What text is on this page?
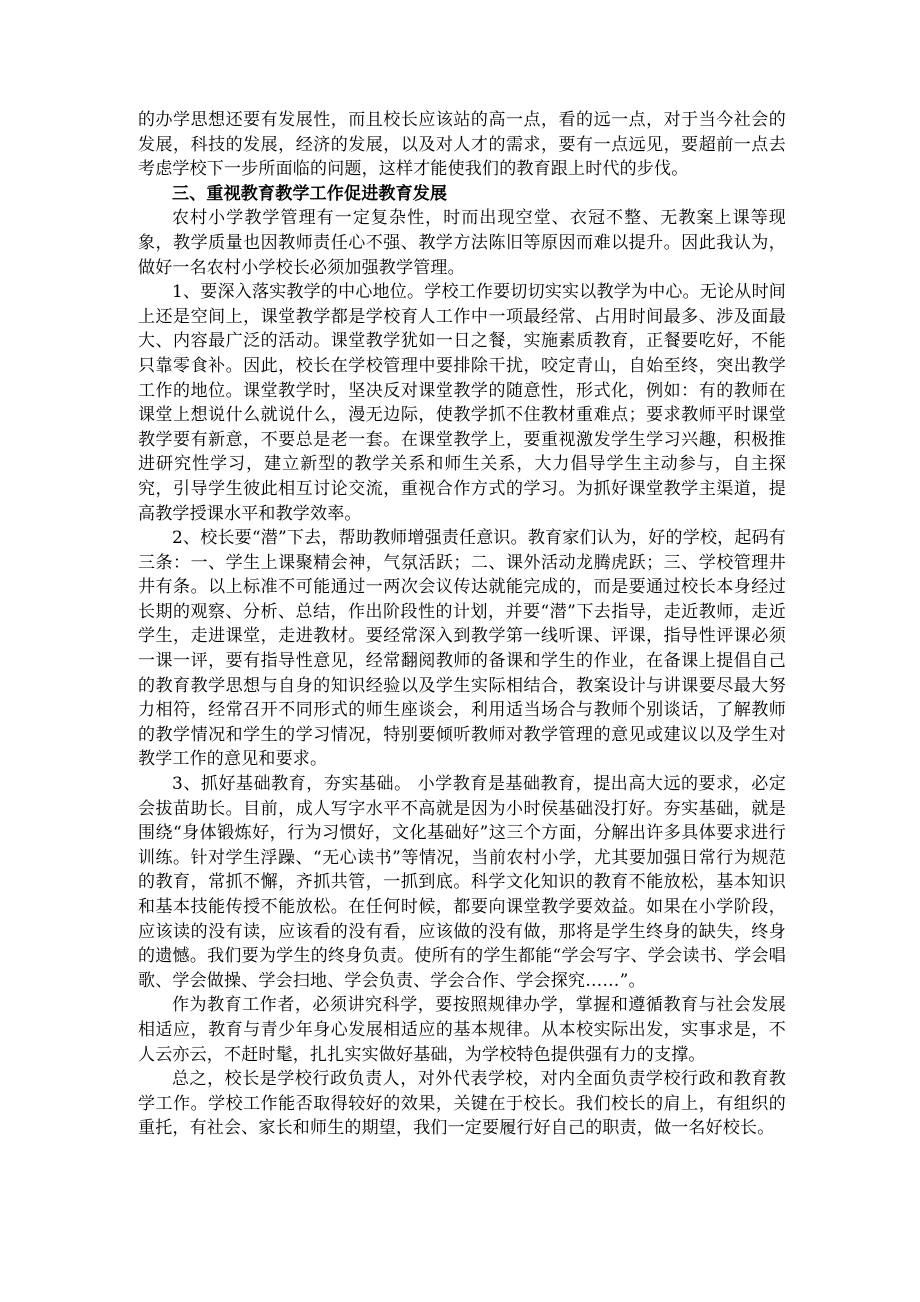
的办学思想还要有发展性，而且校长应该站的高一点，看的远一点，对于当今社会的发展，科技的发展，经济的发展，以及对人才的需求，要有一点远见，要超前一点去考虑学校下一步所面临的问题，这样才能使我们的教育跟上时代的步伐。

三、重视教育教学工作促进教育发展

农村小学教学管理有一定复杂性，时而出现空堂、衣冠不整、无教案上课等现象，教学质量也因教师责任心不强、教学方法陈旧等原因而难以提升。因此我认为，做好一名农村小学校长必须加强教学管理。

1、要深入落实教学的中心地位。学校工作要切切实实以教学为中心。无论从时间上还是空间上，课堂教学都是学校育人工作中一项最经常、占用时间最多、涉及面最大、内容最广泛的活动。课堂教学犹如一日之餐，实施素质教育，正餐要吃好，不能只靠零食补。因此，校长在学校管理中要排除干扰，咬定青山，自始至终，突出教学工作的地位。课堂教学时，坚决反对课堂教学的随意性，形式化，例如：有的教师在课堂上想说什么就说什么，漫无边际，使教学抓不住教材重难点；要求教师平时课堂教学要有新意，不要总是老一套。在课堂教学上，要重视激发学生学习兴趣，积极推进研究性学习，建立新型的教学关系和师生关系，大力倡导学生主动参与，自主探究，引导学生彼此相互讨论交流，重视合作方式的学习。为抓好课堂教学主渠道，提高教学授课水平和教学效率。

2、校长要“潜”下去，帮助教师增强责任意识。教育家们认为，好的学校，起码有三条：一、学生上课聚精会神，气氛活跃；二、课外活动龙腾虎跃；三、学校管理井井有条。以上标准不可能通过一两次会议传达就能完成的，而是要通过校长本身经过长期的观察、分析、总结，作出阶段性的计划，并要“潜”下去指导，走近教师，走近学生，走进课堂，走进教材。要经常深入到教学第一线听课、评课，指导性评课必须一课一评，要有指导性意见，经常翻阅教师的备课和学生的作业，在备课上提倡自己的教育教学思想与自身的知识经验以及学生实际相结合，教案设计与讲课要尽最大努力相符，经常召开不同形式的师生座谈会，利用适当场合与教师个别谈话，了解教师的教学情况和学生的学习情况，特别要倾听教师对教学管理的意见或建议以及学生对教学工作的意见和要求。

3、抓好基础教育，夯实基础。 小学教育是基础教育，提出高大远的要求，必定会拔苗助长。目前，成人写字水平不高就是因为小时侯基础没打好。夯实基础，就是围绕“身体锻炼好，行为习惯好，文化基础好”这三个方面，分解出许多具体要求进行训练。针对学生浮躁、“无心读书”等情况，当前农村小学，尤其要加强日常行为规范的教育，常抓不懈，齐抓共管，一抓到底。科学文化知识的教育不能放松，基本知识和基本技能传授不能放松。在任何时候，都要向课堂教学要效益。如果在小学阶段，应该读的没有读，应该看的没有看，应该做的没有做，那将是学生终身的缺失，终身的遗憾。我们要为学生的终身负责。使所有的学生都能“学会写字、学会读书、学会唱歌、学会做操、学会扫地、学会负责、学会合作、学会探究……”。

作为教育工作者，必须讲究科学，要按照规律办学，掌握和遵循教育与社会发展相适应，教育与青少年身心发展相适应的基本规律。从本校实际出发，实事求是，不人云亦云，不赶时髦，扎扎实实做好基础，为学校特色提供强有力的支撑。

总之，校长是学校行政负责人，对外代表学校，对内全面负责学校行政和教育教学工作。学校工作能否取得较好的效果，关键在于校长。我们校长的肩上，有组织的重托，有社会、家长和师生的期望，我们一定要履行好自己的职责，做一名好校长。
